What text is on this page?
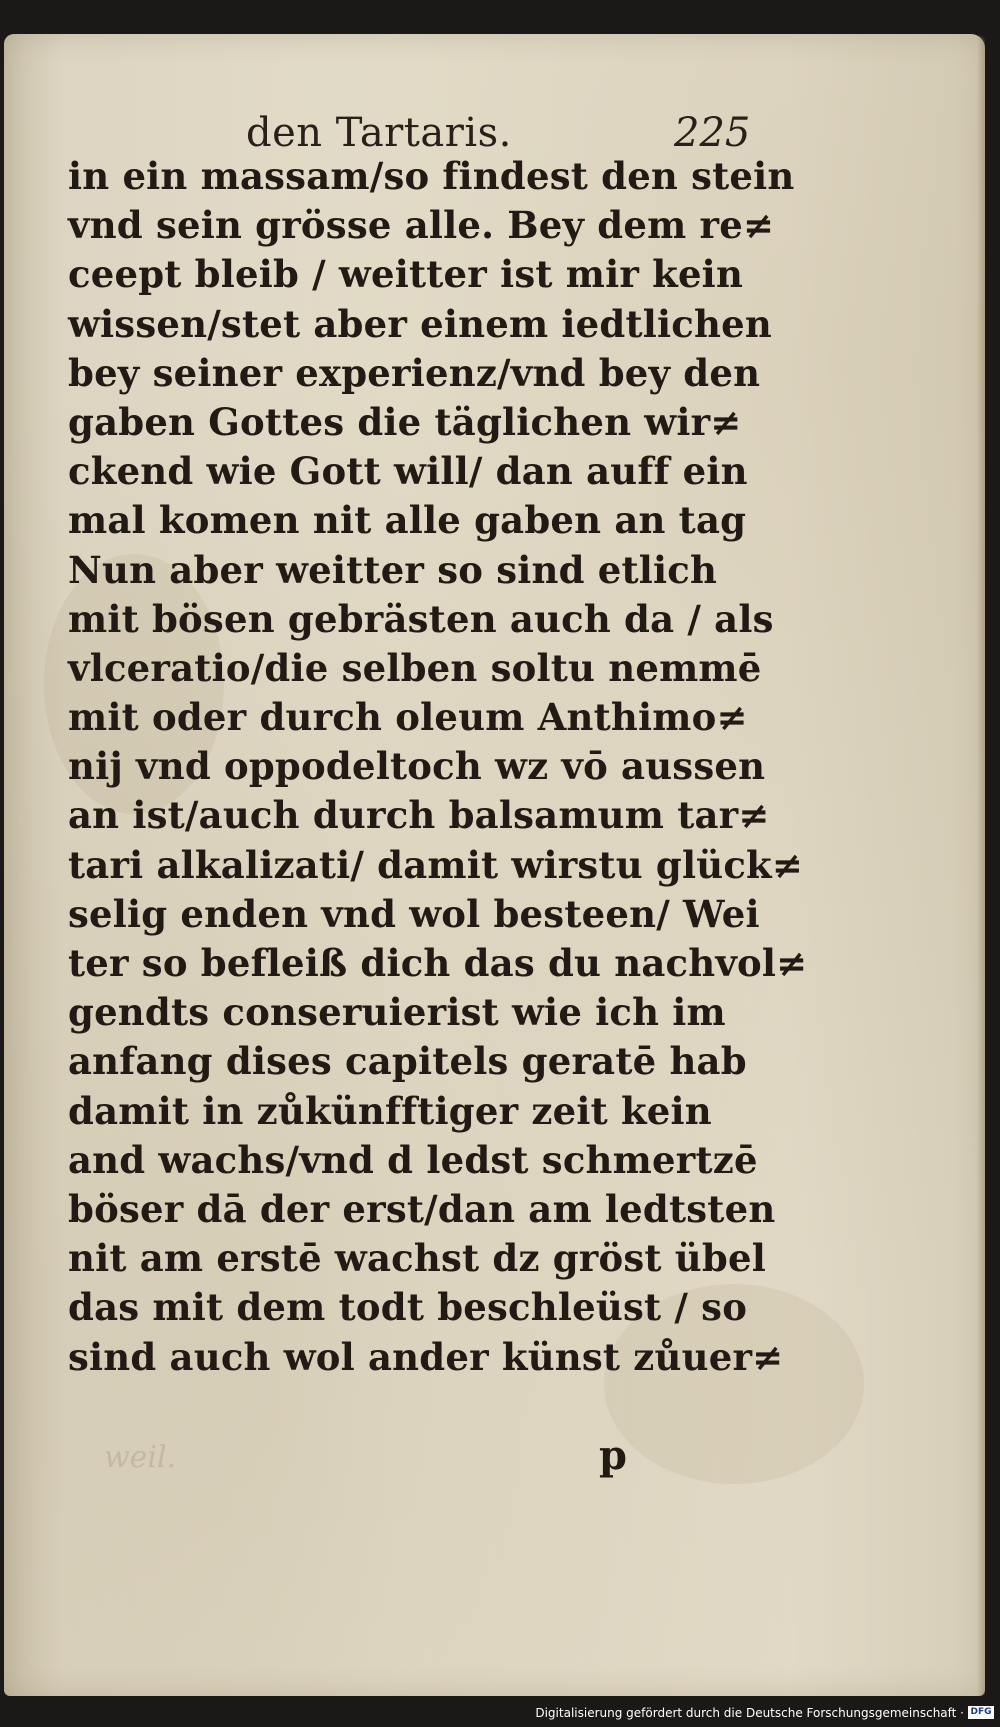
den Tartaris.	225
in ein massam/so findest den stein
vnd sein grösse alle. Bey dem re≠
ceept bleib / weitter ist mir kein
wissen/stet aber einem iedtlichen
bey seiner experienz/vnd bey den
gaben Gottes die täglichen wir≠
ckend wie Gott will/ dan auff ein
mal komen nit alle gaben an tag
Nun aber weitter so sind etlich
mit bösen gebrästen auch da / als
vlceratio/die selben soltu nemmē
mit oder durch oleum Anthimo≠
nij vnd oppodeltoch wz vō aussen
an ist/auch durch balsamum tar≠
tari alkalizati/ damit wirstu glück≠
selig enden vnd wol besteen/ Wei
ter so befleiß dich das du nachvol≠
gendts conseruierist wie ich im
anfang dises capitels geratē hab
damit in zůkünfftiger zeit kein
and wachs/vnd d ledst schmertzē
böser dā der erst/dan am ledtsten
nit am erstē wachst dz gröst übel
das mit dem todt beschleüst / so
sind auch wol ander künst zůuer≠
weil.	p
Digitalisierung gefördert durch die Deutsche Forschungsgemeinschaft · DFG
